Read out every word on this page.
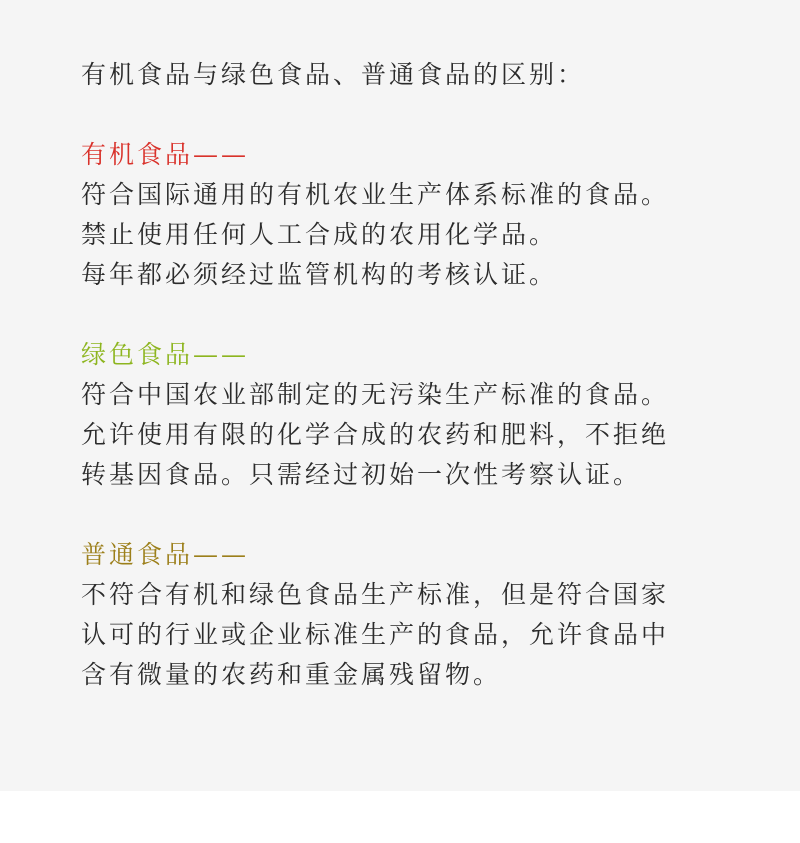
有机食品与绿色食品、普通食品的区别：

有机食品——

符合国际通用的有机农业生产体系标准的食品。

禁止使用任何人工合成的农用化学品。

每年都必须经过监管机构的考核认证。

绿色食品——

符合中国农业部制定的无污染生产标准的食品。

允许使用有限的化学合成的农药和肥料，不拒绝

转基因食品。只需经过初始一次性考察认证。

普通食品——

不符合有机和绿色食品生产标准，但是符合国家

认可的行业或企业标准生产的食品，允许食品中

含有微量的农药和重金属残留物。
